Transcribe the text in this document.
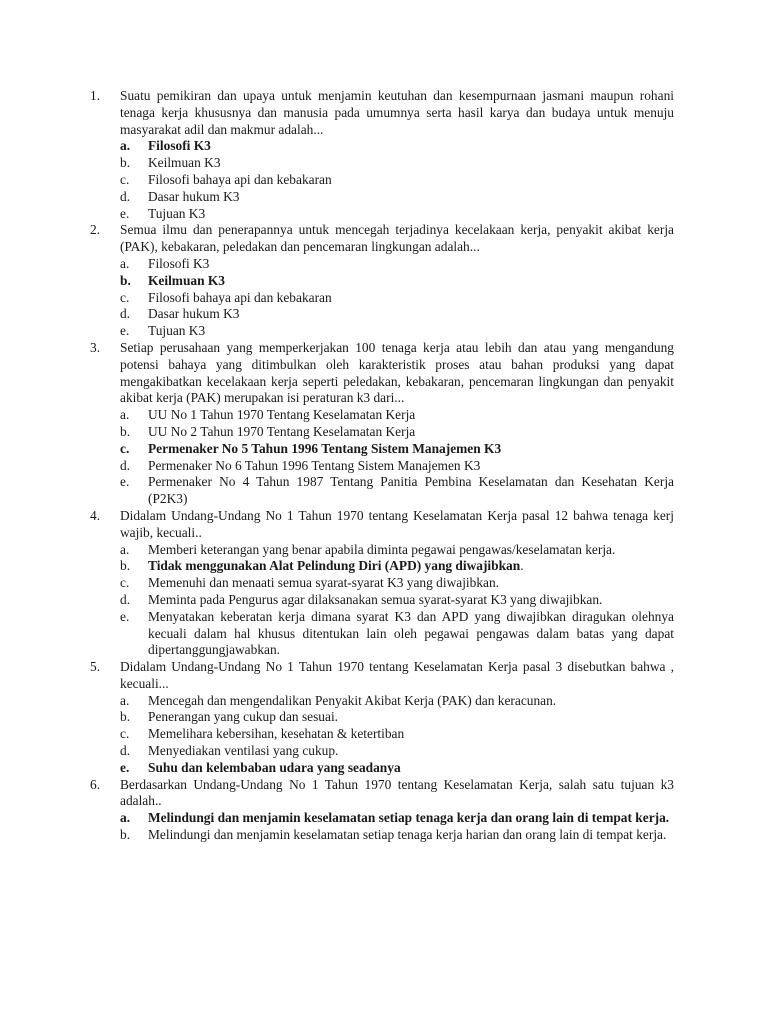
1.	Suatu pemikiran dan upaya untuk menjamin keutuhan dan kesempurnaan jasmani maupun rohani tenaga kerja khususnya dan manusia pada umumnya serta hasil karya dan budaya untuk menuju masyarakat adil dan makmur adalah...
a.	Filosofi K3
b.	Keilmuan K3
c.	Filosofi bahaya api dan kebakaran
d.	Dasar hukum K3
e.	Tujuan K3
2.	Semua ilmu dan penerapannya untuk mencegah terjadinya kecelakaan kerja, penyakit akibat kerja (PAK), kebakaran, peledakan dan pencemaran lingkungan adalah...
a.	Filosofi K3
b.	Keilmuan K3
c.	Filosofi bahaya api dan kebakaran
d.	Dasar hukum K3
e.	Tujuan K3
3.	Setiap perusahaan yang memperkerjakan 100 tenaga kerja atau lebih dan atau yang mengandung potensi bahaya yang ditimbulkan oleh karakteristik proses atau bahan produksi yang dapat mengakibatkan kecelakaan kerja seperti peledakan, kebakaran, pencemaran lingkungan dan penyakit akibat kerja (PAK) merupakan isi peraturan k3 dari...
a.	UU No 1 Tahun 1970 Tentang Keselamatan Kerja
b.	UU No 2 Tahun 1970 Tentang Keselamatan Kerja
c.	Permenaker No 5 Tahun 1996 Tentang Sistem Manajemen K3
d.	Permenaker No 6 Tahun 1996 Tentang Sistem Manajemen K3
e.	Permenaker No 4 Tahun 1987 Tentang Panitia Pembina Keselamatan dan Kesehatan Kerja (P2K3)
4.	Didalam Undang-Undang No 1 Tahun 1970 tentang Keselamatan Kerja pasal 12 bahwa tenaga kerj wajib, kecuali..
a.	Memberi keterangan yang benar apabila diminta pegawai pengawas/keselamatan kerja.
b.	Tidak menggunakan Alat Pelindung Diri (APD) yang diwajibkan.
c.	Memenuhi dan menaati semua syarat-syarat K3 yang diwajibkan.
d.	Meminta pada Pengurus agar dilaksanakan semua syarat-syarat K3 yang diwajibkan.
e.	Menyatakan keberatan kerja dimana syarat K3 dan APD yang diwajibkan diragukan olehnya kecuali dalam hal khusus ditentukan lain oleh pegawai pengawas dalam batas yang dapat dipertanggungjawabkan.
5.	Didalam Undang-Undang No 1 Tahun 1970 tentang Keselamatan Kerja pasal 3 disebutkan bahwa , kecuali...
a.	Mencegah dan mengendalikan Penyakit Akibat Kerja (PAK) dan keracunan.
b.	Penerangan yang cukup dan sesuai.
c.	Memelihara kebersihan, kesehatan & ketertiban
d.	Menyediakan ventilasi yang cukup.
e.	Suhu dan kelembaban udara yang seadanya
6.	Berdasarkan Undang-Undang No 1 Tahun 1970 tentang Keselamatan Kerja, salah satu tujuan k3 adalah..
a.	Melindungi dan menjamin keselamatan setiap tenaga kerja dan orang lain di tempat kerja.
b.	Melindungi dan menjamin keselamatan setiap tenaga kerja harian dan orang lain di tempat kerja.
